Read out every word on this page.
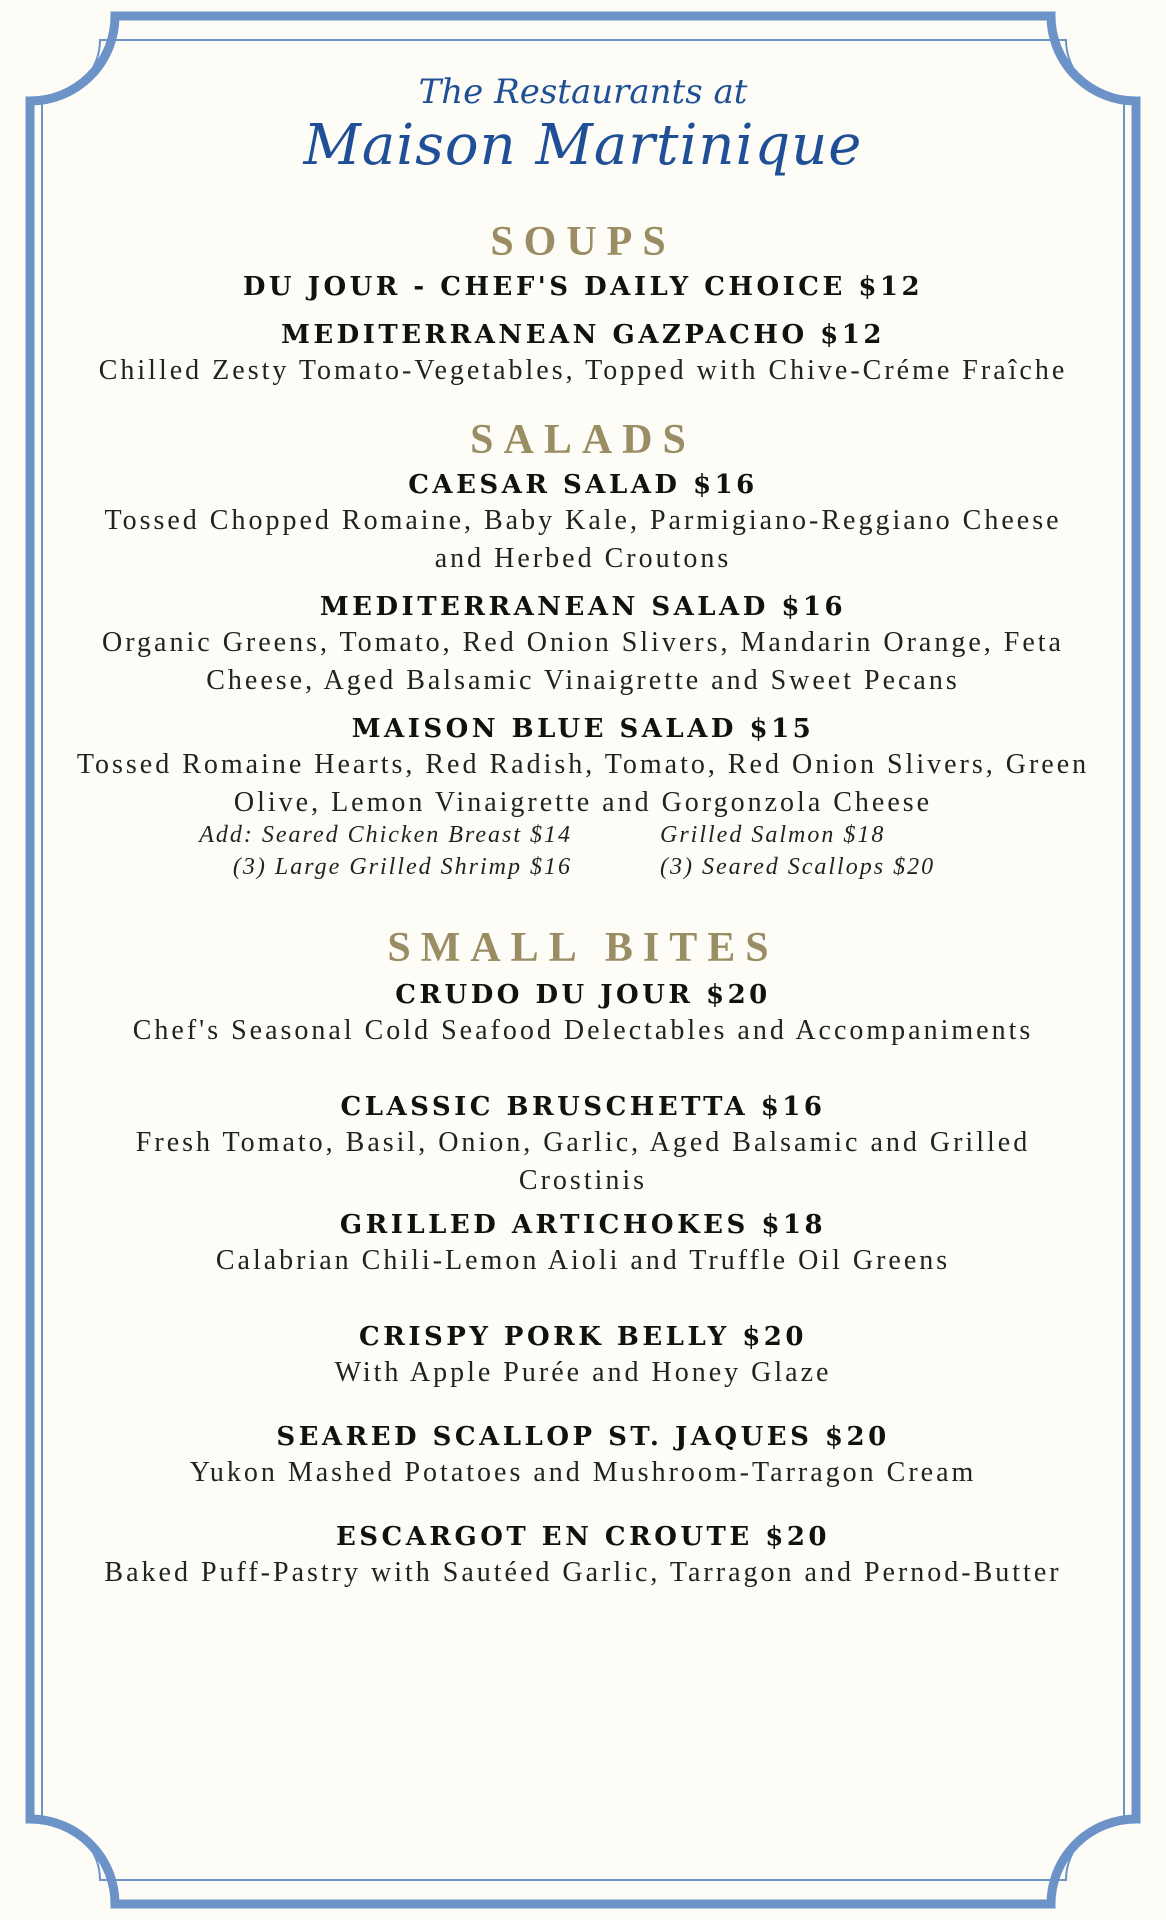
The Restaurants at
Maison Martinique
SOUPS
DU JOUR - CHEF'S DAILY CHOICE $12
MEDITERRANEAN GAZPACHO $12
Chilled Zesty Tomato-Vegetables, Topped with Chive-Créme Fraîche
SALADS
CAESAR SALAD $16
Tossed Chopped Romaine, Baby Kale, Parmigiano-Reggiano Cheese and Herbed Croutons
MEDITERRANEAN SALAD $16
Organic Greens, Tomato, Red Onion Slivers, Mandarin Orange, Feta Cheese, Aged Balsamic Vinaigrette and Sweet Pecans
MAISON BLUE SALAD $15
Tossed Romaine Hearts, Red Radish, Tomato, Red Onion Slivers, Green Olive, Lemon Vinaigrette and Gorgonzola Cheese
Add: Seared Chicken Breast $14
(3) Large Grilled Shrimp $16
Grilled Salmon $18
(3) Seared Scallops $20
SMALL BITES
CRUDO DU JOUR $20
Chef's Seasonal Cold Seafood Delectables and Accompaniments
CLASSIC BRUSCHETTA $16
Fresh Tomato, Basil, Onion, Garlic, Aged Balsamic and Grilled Crostinis
GRILLED ARTICHOKES $18
Calabrian Chili-Lemon Aioli and Truffle Oil Greens
CRISPY PORK BELLY $20
With Apple Purée and Honey Glaze
SEARED SCALLOP ST. JAQUES $20
Yukon Mashed Potatoes and Mushroom-Tarragon Cream
ESCARGOT EN CROUTE $20
Baked Puff-Pastry with Sautéed Garlic, Tarragon and Pernod-Butter
